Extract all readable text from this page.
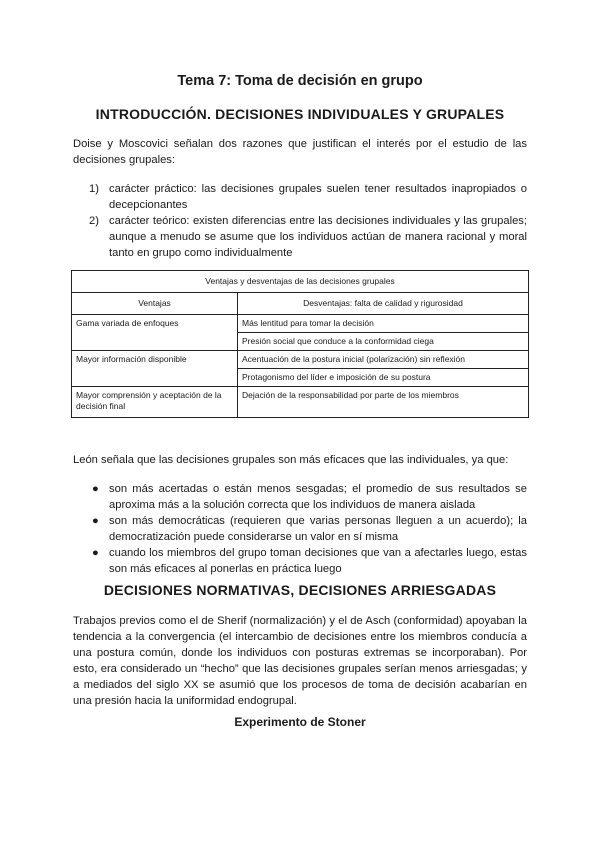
Tema 7: Toma de decisión en grupo
INTRODUCCIÓN. DECISIONES INDIVIDUALES Y GRUPALES
Doise y Moscovici señalan dos razones que justifican el interés por el estudio de las decisiones grupales:
1) carácter práctico: las decisiones grupales suelen tener resultados inapropiados o decepcionantes
2) carácter teórico: existen diferencias entre las decisiones individuales y las grupales; aunque a menudo se asume que los individuos actúan de manera racional y moral tanto en grupo como individualmente
Ventajas y desventajas de las decisiones grupales	
Ventajas	Desventajas: falta de calidad y rigurosidad
Gama variada de enfoques	Más lentitud para tomar la decisión
	Presión social que conduce a la conformidad ciega
Mayor información disponible	Acentuación de la postura inicial (polarización) sin reflexión
	Protagonismo del líder e imposición de su postura
Mayor comprensión y aceptación de la decisión final	Dejación de la responsabilidad por parte de los miembros
León señala que las decisiones grupales son más eficaces que las individuales, ya que:
● son más acertadas o están menos sesgadas; el promedio de sus resultados se aproxima más a la solución correcta que los individuos de manera aislada
● son más democráticas (requieren que varias personas lleguen a un acuerdo); la democratización puede considerarse un valor en sí misma
● cuando los miembros del grupo toman decisiones que van a afectarles luego, estas son más eficaces al ponerlas en práctica luego
DECISIONES NORMATIVAS, DECISIONES ARRIESGADAS
Trabajos previos como el de Sherif (normalización) y el de Asch (conformidad) apoyaban la tendencia a la convergencia (el intercambio de decisiones entre los miembros conducía a una postura común, donde los individuos con posturas extremas se incorporaban). Por esto, era considerado un “hecho” que las decisiones grupales serían menos arriesgadas; y a mediados del siglo XX se asumió que los procesos de toma de decisión acabarían en una presión hacia la uniformidad endogrupal.
Experimento de Stoner
